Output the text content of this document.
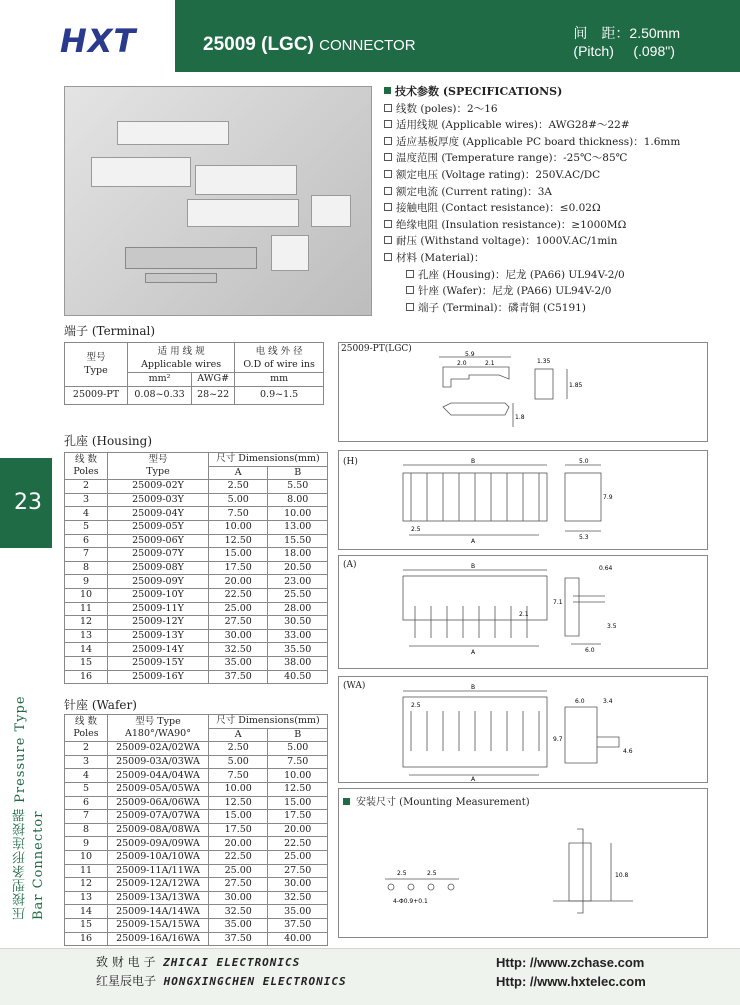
HXT	25009 (LGC) CONNECTOR
间　距：2.50mm
(Pitch) (.098")
技术参数 (SPECIFICATIONS)
线数 (poles)：2～16
适用线规 (Applicable wires)：AWG28#～22#
适应基板厚度 (Applicable PC board thickness)：1.6mm
温度范围 (Temperature range)：-25℃～85℃
额定电压 (Voltage rating)：250V.AC/DC
额定电流 (Current rating)：3A
接触电阻 (Contact resistance)：≤0.02Ω
绝缘电阻 (Insulation resistance)：≥1000MΩ
耐压 (Withstand voltage)：1000V.AC/1min
材料 (Material)：
孔座 (Housing)：尼龙 (PA66) UL94V-2/0
针座 (Wafer)：尼龙 (PA66) UL94V-2/0
端子 (Terminal)：磷青铜 (C5191)
端子 (Terminal)
型号
Type	适 用 线 规
Applicable wires		电 线 外 径
O.D of wire ins
	mm²	AWG#	mm
25009-PT	0.08~0.33	28~22	0.9~1.5
孔座 (Housing)
线 数
Poles	型号
Type	尺寸 Dimensions(mm)	
		A	B
2	25009-02Y	2.50	5.50
3	25009-03Y	5.00	8.00
4	25009-04Y	7.50	10.00
5	25009-05Y	10.00	13.00
6	25009-06Y	12.50	15.50
7	25009-07Y	15.00	18.00
8	25009-08Y	17.50	20.50
9	25009-09Y	20.00	23.00
10	25009-10Y	22.50	25.50
11	25009-11Y	25.00	28.00
12	25009-12Y	27.50	30.50
13	25009-13Y	30.00	33.00
14	25009-14Y	32.50	35.50
15	25009-15Y	35.00	38.00
16	25009-16Y	37.50	40.50
针座 (Wafer)
线 数
Poles	型号 Type
A180°/WA90°	尺寸 Dimensions(mm)	
		A	B
2	25009-02A/02WA	2.50	5.00
3	25009-03A/03WA	5.00	7.50
4	25009-04A/04WA	7.50	10.00
5	25009-05A/05WA	10.00	12.50
6	25009-06A/06WA	12.50	15.00
7	25009-07A/07WA	15.00	17.50
8	25009-08A/08WA	17.50	20.00
9	25009-09A/09WA	20.00	22.50
10	25009-10A/10WA	22.50	25.00
11	25009-11A/11WA	25.00	27.50
12	25009-12A/12WA	27.50	30.00
13	25009-13A/13WA	30.00	32.50
14	25009-14A/14WA	32.50	35.00
15	25009-15A/15WA	35.00	37.50
16	25009-16A/16WA	37.50	40.00
23
压接型条形连接器 Pressure Type Bar Connector
25009-PT(LGC)
5.9
2.0	2.1	1.35
1.85
1.8
(H)	B	5.0
7.9
2.5
A
5.3
(A)	B	0.64
7.1
2.1
3.5
A	6.0
(WA)	B
2.5
A
6.0	3.4
9.7
4.6
安装尺寸 (Mounting Measurement)
2.5	2.5
4-Φ0.9+0.1
10.8
致 财 电 子 ZHICAI ELECTRONICS
红星辰电子 HONGXINGCHEN ELECTRONICS
Http: //www.zchase.com
Http: //www.hxtelec.com
